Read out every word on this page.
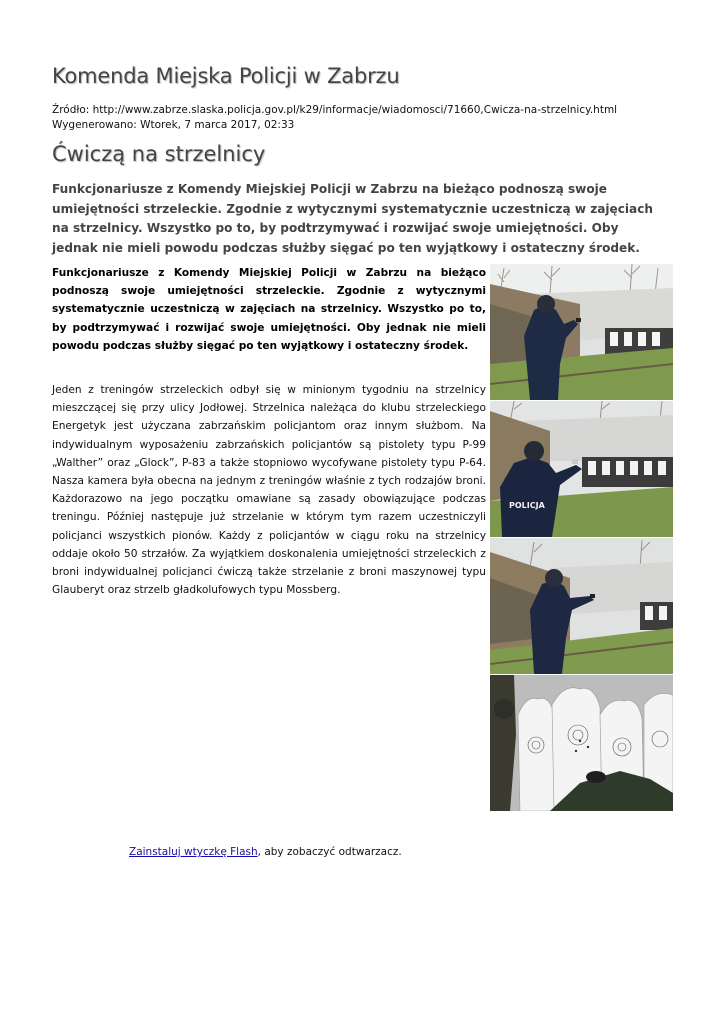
Komenda Miejska Policji w Zabrzu
Źródło: http://www.zabrze.slaska.policja.gov.pl/k29/informacje/wiadomosci/71660,Cwicza-na-strzelnicy.html
Wygenerowano: Wtorek, 7 marca 2017, 02:33
Ćwiczą na strzelnicy

Funkcjonariusze z Komendy Miejskiej Policji w Zabrzu na bieżąco podnoszą swoje umiejętności strzeleckie. Zgodnie z wytycznymi systematycznie uczestniczą w zajęciach na strzelnicy. Wszystko po to, by podtrzymywać i rozwijać swoje umiejętności. Oby jednak nie mieli powodu podczas służby sięgać po ten wyjątkowy i ostateczny środek.

Funkcjonariusze z Komendy Miejskiej Policji w Zabrzu na bieżąco podnoszą swoje umiejętności strzeleckie. Zgodnie z wytycznymi systematycznie uczestniczą w zajęciach na strzelnicy. Wszystko po to, by podtrzymywać i rozwijać swoje umiejętności. Oby jednak nie mieli powodu podczas służby sięgać po ten wyjątkowy i ostateczny środek.

Jeden z treningów strzeleckich odbył się w minionym tygodniu na strzelnicy mieszczącej się przy ulicy Jodłowej. Strzelnica należąca do klubu strzeleckiego Energetyk jest użyczana zabrzańskim policjantom oraz innym służbom. Na indywidualnym wyposażeniu zabrzańskich policjantów są pistolety typu P-99 „Walther” oraz „Glock”, P-83 a także stopniowo wycofywane pistolety typu P-64. Nasza kamera była obecna na jednym z treningów właśnie z tych rodzajów broni. Każdorazowo na jego początku omawiane są zasady obowiązujące podczas treningu. Później następuje już strzelanie w którym tym razem uczestniczyli policjanci wszystkich pionów. Każdy z policjantów w ciągu roku na strzelnicy oddaje około 50 strzałów. Za wyjątkiem doskonalenia umiejętności strzeleckich z broni indywidualnej policjanci ćwiczą także strzelanie z broni maszynowej typu Glauberyt oraz strzelb gładkolufowych typu Mossberg.

POLICJA
Zainstaluj wtyczkę Flash, aby zobaczyć odtwarzacz.
